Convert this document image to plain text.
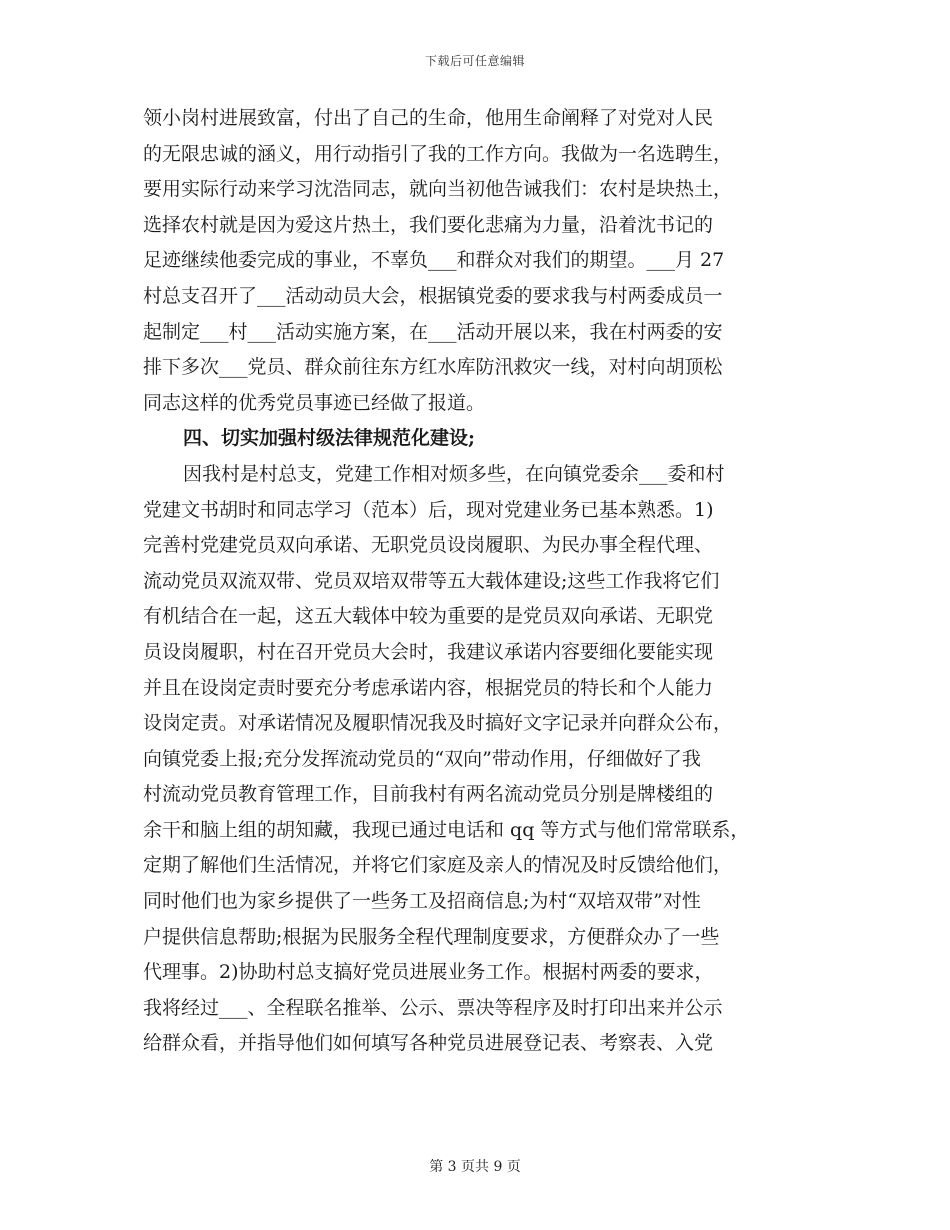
下载后可任意编辑
领小岗村进展致富，付出了自己的生命，他用生命阐释了对党对人民
的无限忠诚的涵义，用行动指引了我的工作方向。我做为一名选聘生，
要用实际行动来学习沈浩同志，就向当初他告诫我们：农村是块热土，
选择农村就是因为爱这片热土，我们要化悲痛为力量，沿着沈书记的
足迹继续他委完成的事业，不辜负___和群众对我们的期望。___月 27
村总支召开了___活动动员大会，根据镇党委的要求我与村两委成员一
起制定___村___活动实施方案，在___活动开展以来，我在村两委的安
排下多次___党员、群众前往东方红水库防汛救灾一线，对村向胡顶松
同志这样的优秀党员事迹已经做了报道。
四、切实加强村级法律规范化建设;
因我村是村总支，党建工作相对烦多些，在向镇党委余___委和村
党建文书胡时和同志学习（范本）后，现对党建业务已基本熟悉。1)
完善村党建党员双向承诺、无职党员设岗履职、为民办事全程代理、
流动党员双流双带、党员双培双带等五大载体建设;这些工作我将它们
有机结合在一起，这五大载体中较为重要的是党员双向承诺、无职党
员设岗履职，村在召开党员大会时，我建议承诺内容要细化要能实现
并且在设岗定责时要充分考虑承诺内容，根据党员的特长和个人能力
设岗定责。对承诺情况及履职情况我及时搞好文字记录并向群众公布，
向镇党委上报;充分发挥流动党员的“双向”带动作用，仔细做好了我
村流动党员教育管理工作，目前我村有两名流动党员分别是牌楼组的
余干和脑上组的胡知藏，我现已通过电话和 qq 等方式与他们常常联系，
定期了解他们生活情况，并将它们家庭及亲人的情况及时反馈给他们，
同时他们也为家乡提供了一些务工及招商信息;为村“双培双带”对性
户提供信息帮助;根据为民服务全程代理制度要求，方便群众办了一些
代理事。2)协助村总支搞好党员进展业务工作。根据村两委的要求，
我将经过___、全程联名推举、公示、票决等程序及时打印出来并公示
给群众看，并指导他们如何填写各种党员进展登记表、考察表、入党
第 3 页共 9 页
